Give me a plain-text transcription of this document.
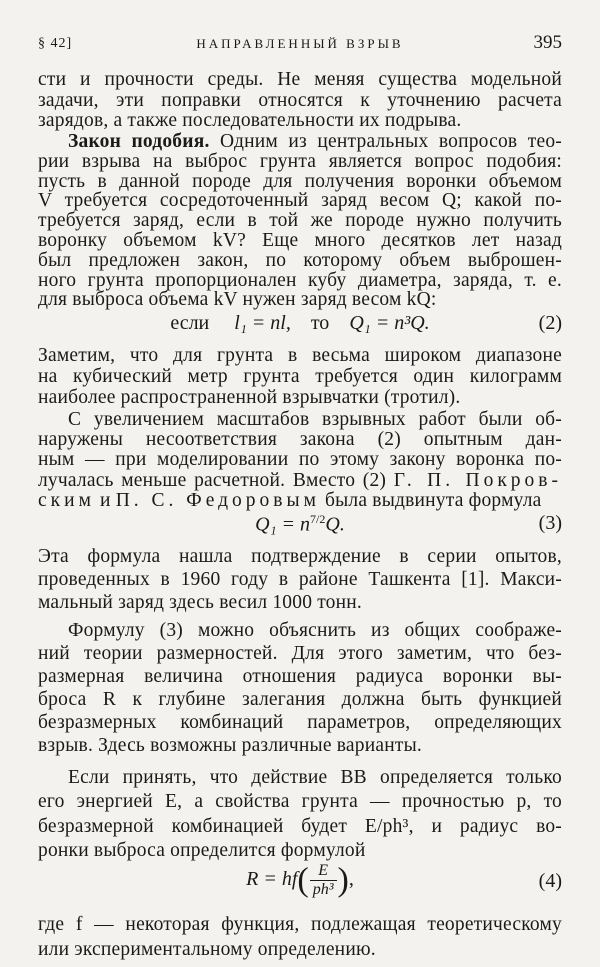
§ 42]	НАПРАВЛЕННЫЙ ВЗРЫВ	395
сти и прочности среды. Не меняя существа модельной
задачи, эти поправки относятся к уточнению расчета
зарядов, а также последовательности их подрыва.
Закон подобия. Одним из центральных вопросов тео-
рии взрыва на выброс грунта является вопрос подобия:
пусть в данной породе для получения воронки объемом
V требуется сосредоточенный заряд весом Q; какой по-
требуется заряд, если в той же породе нужно получить
воронку объемом kV? Еще много десятков лет назад
был предложен закон, по которому объем выброшен-
ного грунта пропорционален кубу диаметра, заряда, т. е.
для выброса объема kV нужен заряд весом kQ:
если l₁ = nl, то Q₁ = n³Q.	(2)
Заметим, что для грунта в весьма широком диапазоне
на кубический метр грунта требуется один килограмм
наиболее распространенной взрывчатки (тротил).
С увеличением масштабов взрывных работ были об-
наружены несоответствия закона (2) опытным дан-
ным — при моделировании по этому закону воронка по-
лучалась меньше расчетной. Вместо (2) Г. П. Покров-
ским и П. С. Федоровым была выдвинута формула
$Q_1 = n^{7/2}Q$.	(3)
Эта формула нашла подтверждение в серии опытов,
проведенных в 1960 году в районе Ташкента [1]. Макси-
мальный заряд здесь весил 1000 тонн.
Формулу (3) можно объяснить из общих соображе-
ний теории размерностей. Для этого заметим, что без-
размерная величина отношения радиуса воронки вы-
броса R к глубине залегания должна быть функцией
безразмерных комбинаций параметров, определяющих
взрыв. Здесь возможны различные варианты.
Если принять, что действие ВВ определяется только
его энергией E, а свойства грунта — прочностью p, то
безразмерной комбинацией будет E/ph³, и радиус во-
ронки выброса определится формулой
$R = hf( \frac{E}{\text{ph³}}$ ),	(4)
где f — некоторая функция, подлежащая теоретическому
или экспериментальному определению.
